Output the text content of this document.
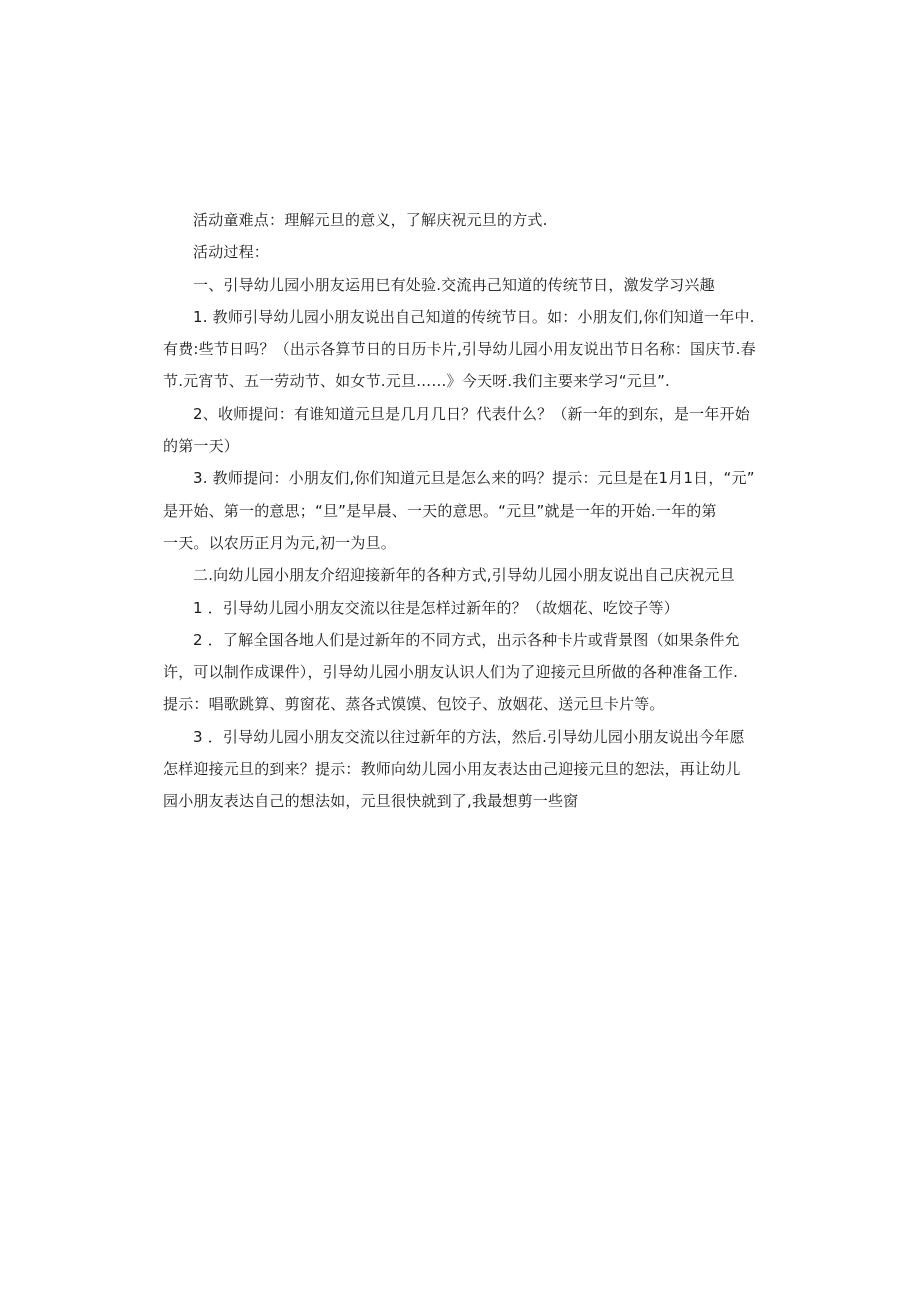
活动童难点：理解元旦的意义，了解庆祝元旦的方式.
活动过程：
一、引导幼儿园小朋友运用巳有处验.交流冉己知道的传统节日，激发学习兴趣
1. 教师引导幼儿园小朋友说出自己知道的传统节日。如：小朋友们,你们知道一年中.
有费:些节日吗？（出示各算节日的日历卡片,引导幼儿园小用友说出节日名称：国庆节.春
节.元宵节、五一劳动节、如女节.元旦……》今天呀.我们主要来学习“元旦”.
2、收师提问：有谁知道元旦是几月几日？代表什么？（新一年的到东，是一年开始
的第一天）
3. 教师提问：小朋友们,你们知道元旦是怎么来的吗？提示：元旦是在1月1日，“元”
是开始、第一的意思；“旦”是早晨、一天的意思。“元旦”就是一年的开始.一年的第
一天。以农历正月为元,初一为旦。
二.向幼儿园小朋友介绍迎接新年的各种方式,引导幼儿园小朋友说出自己庆祝元旦
1 ．引导幼儿园小朋友交流以往是怎样过新年的？（故烟花、吃饺子等）
2 ．了解全国各地人们是过新年的不同方式，出示各种卡片或背景图（如果条件允
许，可以制作成课件），引导幼儿园小朋友认识人们为了迎接元旦所做的各种准备工作.
提示：唱歌跳算、剪窗花、蒸各式馍馍、包饺子、放姻花、送元旦卡片等。
3 ．引导幼儿园小朋友交流以往过新年的方法，然后.引导幼儿园小朋友说出今年愿
怎样迎接元旦的到来？提示：教师向幼儿园小用友表达由己迎接元旦的恕法，再让幼儿
园小朋友表达自己的想法如，元旦很快就到了,我最想剪一些窗
